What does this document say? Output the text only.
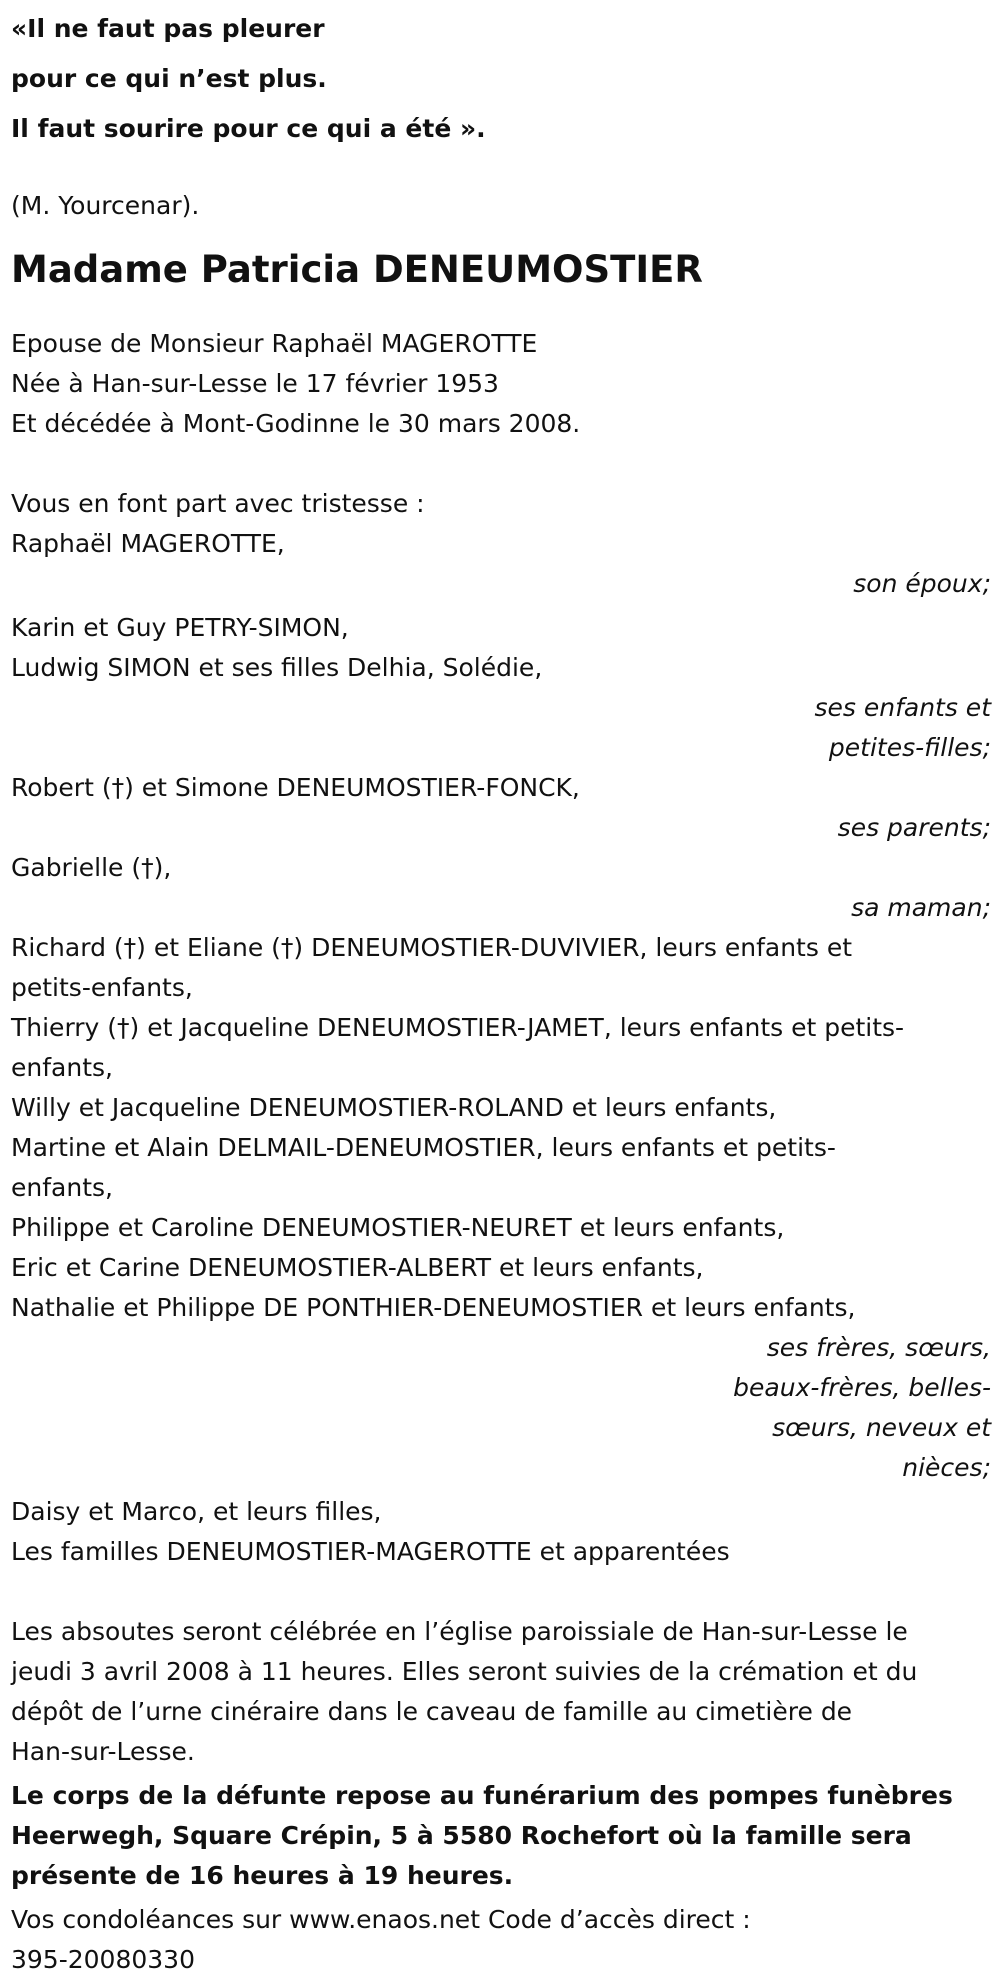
«Il ne faut pas pleurer
pour ce qui n’est plus.
Il faut sourire pour ce qui a été ».
(M. Yourcenar).
Madame Patricia DENEUMOSTIER
Epouse de Monsieur Raphaël MAGEROTTE
Née à Han-sur-Lesse le 17 février 1953
Et décédée à Mont-Godinne le 30 mars 2008.
Vous en font part avec tristesse :
Raphaël MAGEROTTE,
son époux;
Karin et Guy PETRY-SIMON,
Ludwig SIMON et ses filles Delhia, Solédie,
ses enfants et
petites-filles;
Robert (†) et Simone DENEUMOSTIER-FONCK,
ses parents;
Gabrielle (†),
sa maman;
Richard (†) et Eliane (†) DENEUMOSTIER-DUVIVIER, leurs enfants et
petits-enfants,
Thierry (†) et Jacqueline DENEUMOSTIER-JAMET, leurs enfants et petits-
enfants,
Willy et Jacqueline DENEUMOSTIER-ROLAND et leurs enfants,
Martine et Alain DELMAIL-DENEUMOSTIER, leurs enfants et petits-
enfants,
Philippe et Caroline DENEUMOSTIER-NEURET et leurs enfants,
Eric et Carine DENEUMOSTIER-ALBERT et leurs enfants,
Nathalie et Philippe DE PONTHIER-DENEUMOSTIER et leurs enfants,
ses frères, sœurs,
beaux-frères, belles-
sœurs, neveux et
nièces;
Daisy et Marco, et leurs filles,
Les familles DENEUMOSTIER-MAGEROTTE et apparentées
Les absoutes seront célébrée en l’église paroissiale de Han-sur-Lesse le
jeudi 3 avril 2008 à 11 heures. Elles seront suivies de la crémation et du
dépôt de l’urne cinéraire dans le caveau de famille au cimetière de
Han-sur-Lesse.
Le corps de la défunte repose au funérarium des pompes funèbres
Heerwegh, Square Crépin, 5 à 5580 Rochefort où la famille sera
présente de 16 heures à 19 heures.
Vos condoléances sur www.enaos.net Code d’accès direct :
395-20080330
